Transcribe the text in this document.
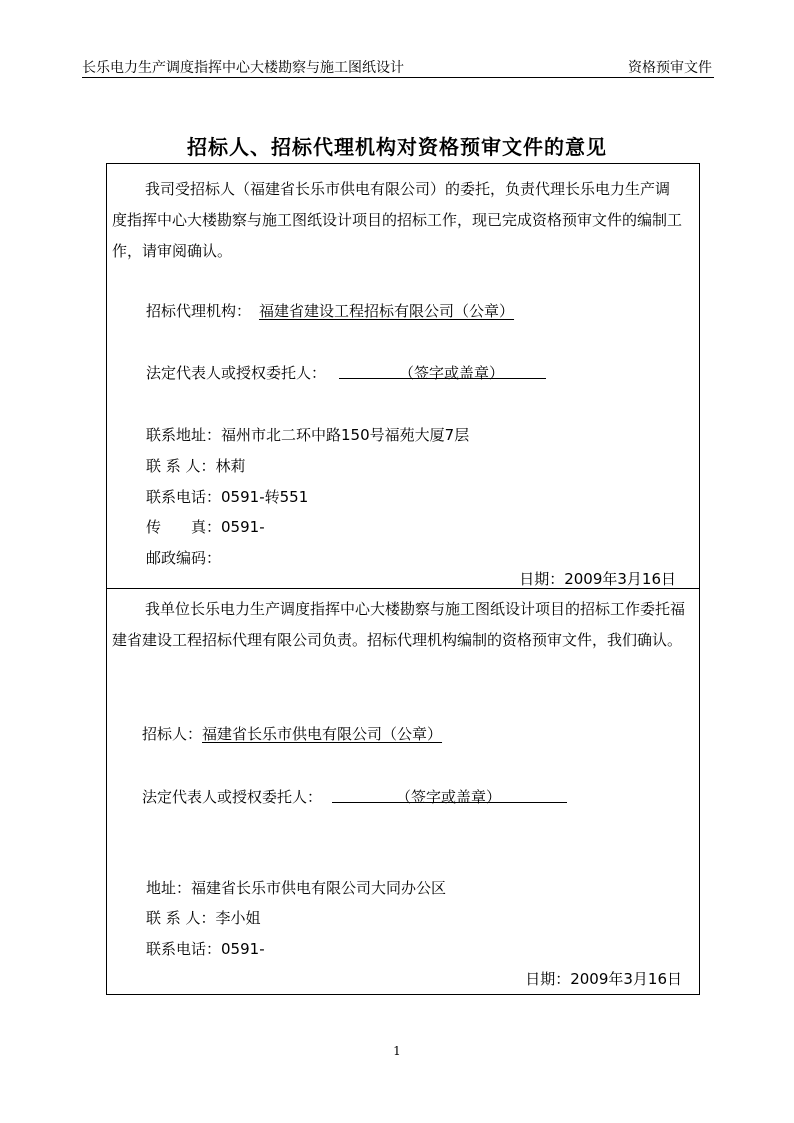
长乐电力生产调度指挥中心大楼勘察与施工图纸设计	资格预审文件
招标人、招标代理机构对资格预审文件的意见
我司受招标人（福建省长乐市供电有限公司）的委托，负责代理长乐电力生产调度指挥中心大楼勘察与施工图纸设计项目的招标工作，现已完成资格预审文件的编制工作，请审阅确认。
招标代理机构： 福建省建设工程招标有限公司（公章）
法定代表人或授权委托人：	（签字或盖章）
联系地址：福州市北二环中路150号福苑大厦7层
联 系 人：林莉
联系电话：0591-转551
传　　真：0591-
邮政编码：
日期：2009年3月16日
我单位长乐电力生产调度指挥中心大楼勘察与施工图纸设计项目的招标工作委托福建省建设工程招标代理有限公司负责。招标代理机构编制的资格预审文件，我们确认。
招标人：福建省长乐市供电有限公司（公章）
法定代表人或授权委托人：	（签字或盖章）
地址：福建省长乐市供电有限公司大同办公区
联 系 人：李小姐
联系电话：0591-
日期：2009年3月16日
1
